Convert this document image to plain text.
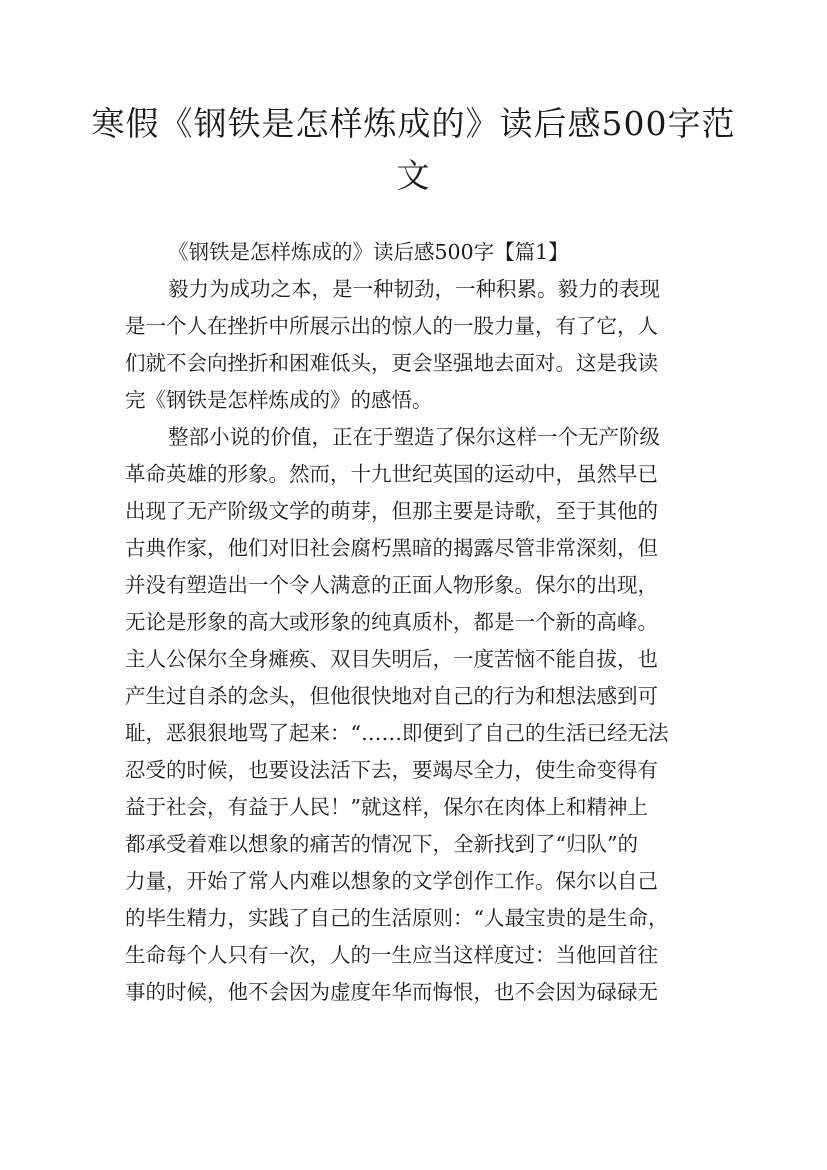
寒假《钢铁是怎样炼成的》读后感500字范
文

《钢铁是怎样炼成的》读后感500字【篇1】

毅力为成功之本，是一种韧劲，一种积累。毅力的表现

是一个人在挫折中所展示出的惊人的一股力量，有了它，人

们就不会向挫折和困难低头，更会坚强地去面对。这是我读

完《钢铁是怎样炼成的》的感悟。

整部小说的价值，正在于塑造了保尔这样一个无产阶级

革命英雄的形象。然而，十九世纪英国的运动中，虽然早已

出现了无产阶级文学的萌芽，但那主要是诗歌，至于其他的

古典作家，他们对旧社会腐朽黑暗的揭露尽管非常深刻，但

并没有塑造出一个令人满意的正面人物形象。保尔的出现，

无论是形象的高大或形象的纯真质朴，都是一个新的高峰。

主人公保尔全身瘫痪、双目失明后，一度苦恼不能自拔，也

产生过自杀的念头，但他很快地对自己的行为和想法感到可

耻，恶狠狠地骂了起来：“……即便到了自己的生活已经无法

忍受的时候，也要设法活下去，要竭尽全力，使生命变得有

益于社会，有益于人民！”就这样，保尔在肉体上和精神上

都承受着难以想象的痛苦的情况下，全新找到了“归队”的

力量，开始了常人内难以想象的文学创作工作。保尔以自己

的毕生精力，实践了自己的生活原则：“人最宝贵的是生命，

生命每个人只有一次，人的一生应当这样度过：当他回首往

事的时候，他不会因为虚度年华而悔恨，也不会因为碌碌无
